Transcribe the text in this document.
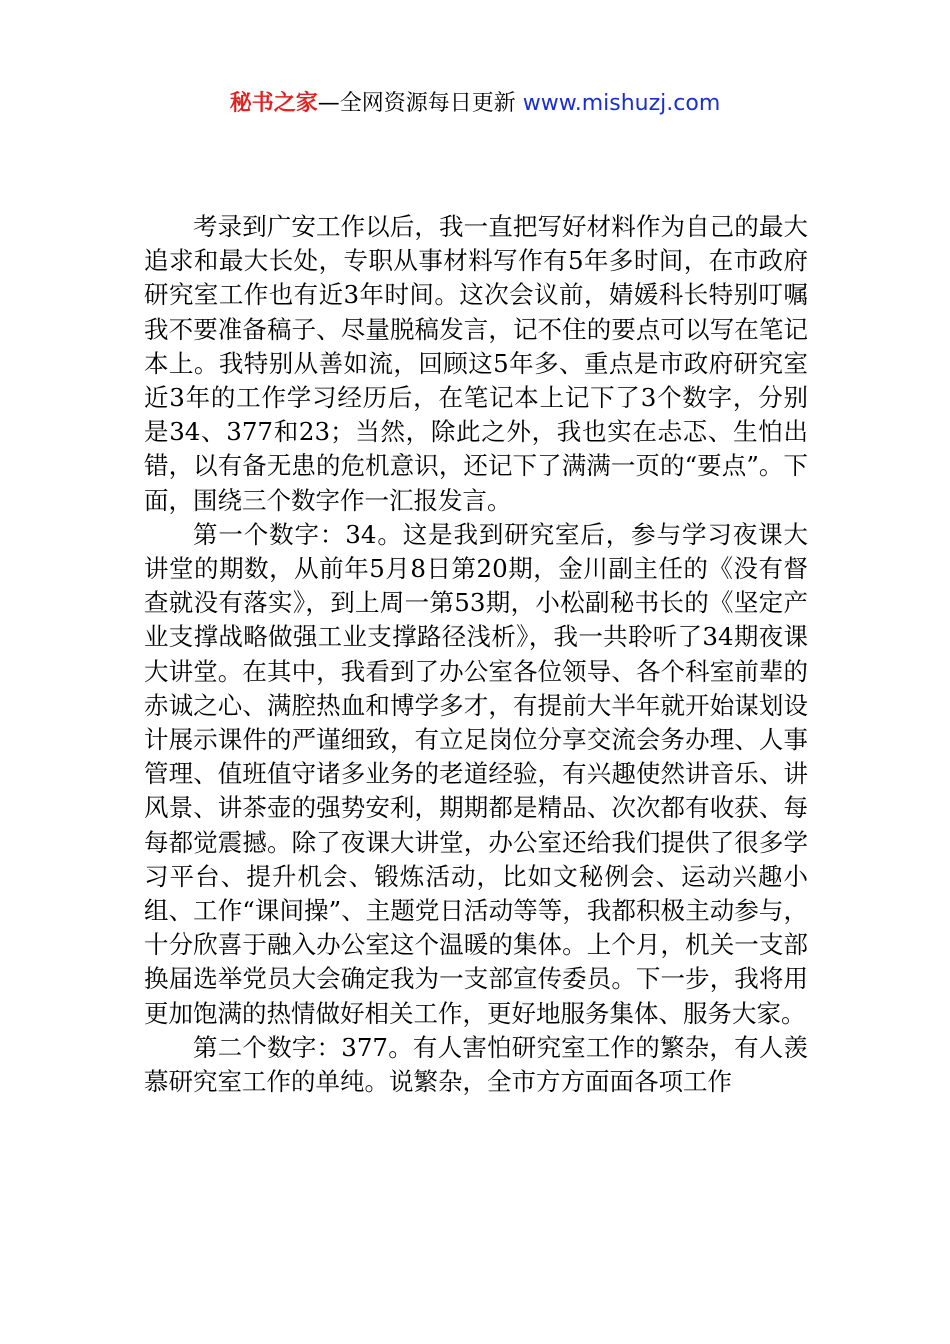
秘书之家—全网资源每日更新 www.mishuzj.com

考录到广安工作以后，我一直把写好材料作为自己的最大追求和最大长处，专职从事材料写作有5年多时间，在市政府研究室工作也有近3年时间。这次会议前，婧媛科长特别叮嘱我不要准备稿子、尽量脱稿发言，记不住的要点可以写在笔记本上。我特别从善如流，回顾这5年多、重点是市政府研究室近3年的工作学习经历后，在笔记本上记下了3个数字，分别是34、377和23；当然，除此之外，我也实在忐忑、生怕出错，以有备无患的危机意识，还记下了满满一页的“要点”。下面，围绕三个数字作一汇报发言。

第一个数字：34。这是我到研究室后，参与学习夜课大讲堂的期数，从前年5月8日第20期，金川副主任的《没有督查就没有落实》，到上周一第53期，小松副秘书长的《坚定产业支撑战略做强工业支撑路径浅析》，我一共聆听了34期夜课大讲堂。在其中，我看到了办公室各位领导、各个科室前辈的赤诚之心、满腔热血和博学多才，有提前大半年就开始谋划设计展示课件的严谨细致，有立足岗位分享交流会务办理、人事管理、值班值守诸多业务的老道经验，有兴趣使然讲音乐、讲风景、讲茶壶的强势安利，期期都是精品、次次都有收获、每每都觉震撼。除了夜课大讲堂，办公室还给我们提供了很多学习平台、提升机会、锻炼活动，比如文秘例会、运动兴趣小组、工作“课间操”、主题党日活动等等，我都积极主动参与，十分欣喜于融入办公室这个温暖的集体。上个月，机关一支部换届选举党员大会确定我为一支部宣传委员。下一步，我将用更加饱满的热情做好相关工作，更好地服务集体、服务大家。

第二个数字：377。有人害怕研究室工作的繁杂，有人羡慕研究室工作的单纯。说繁杂，全市方方面面各项工作
